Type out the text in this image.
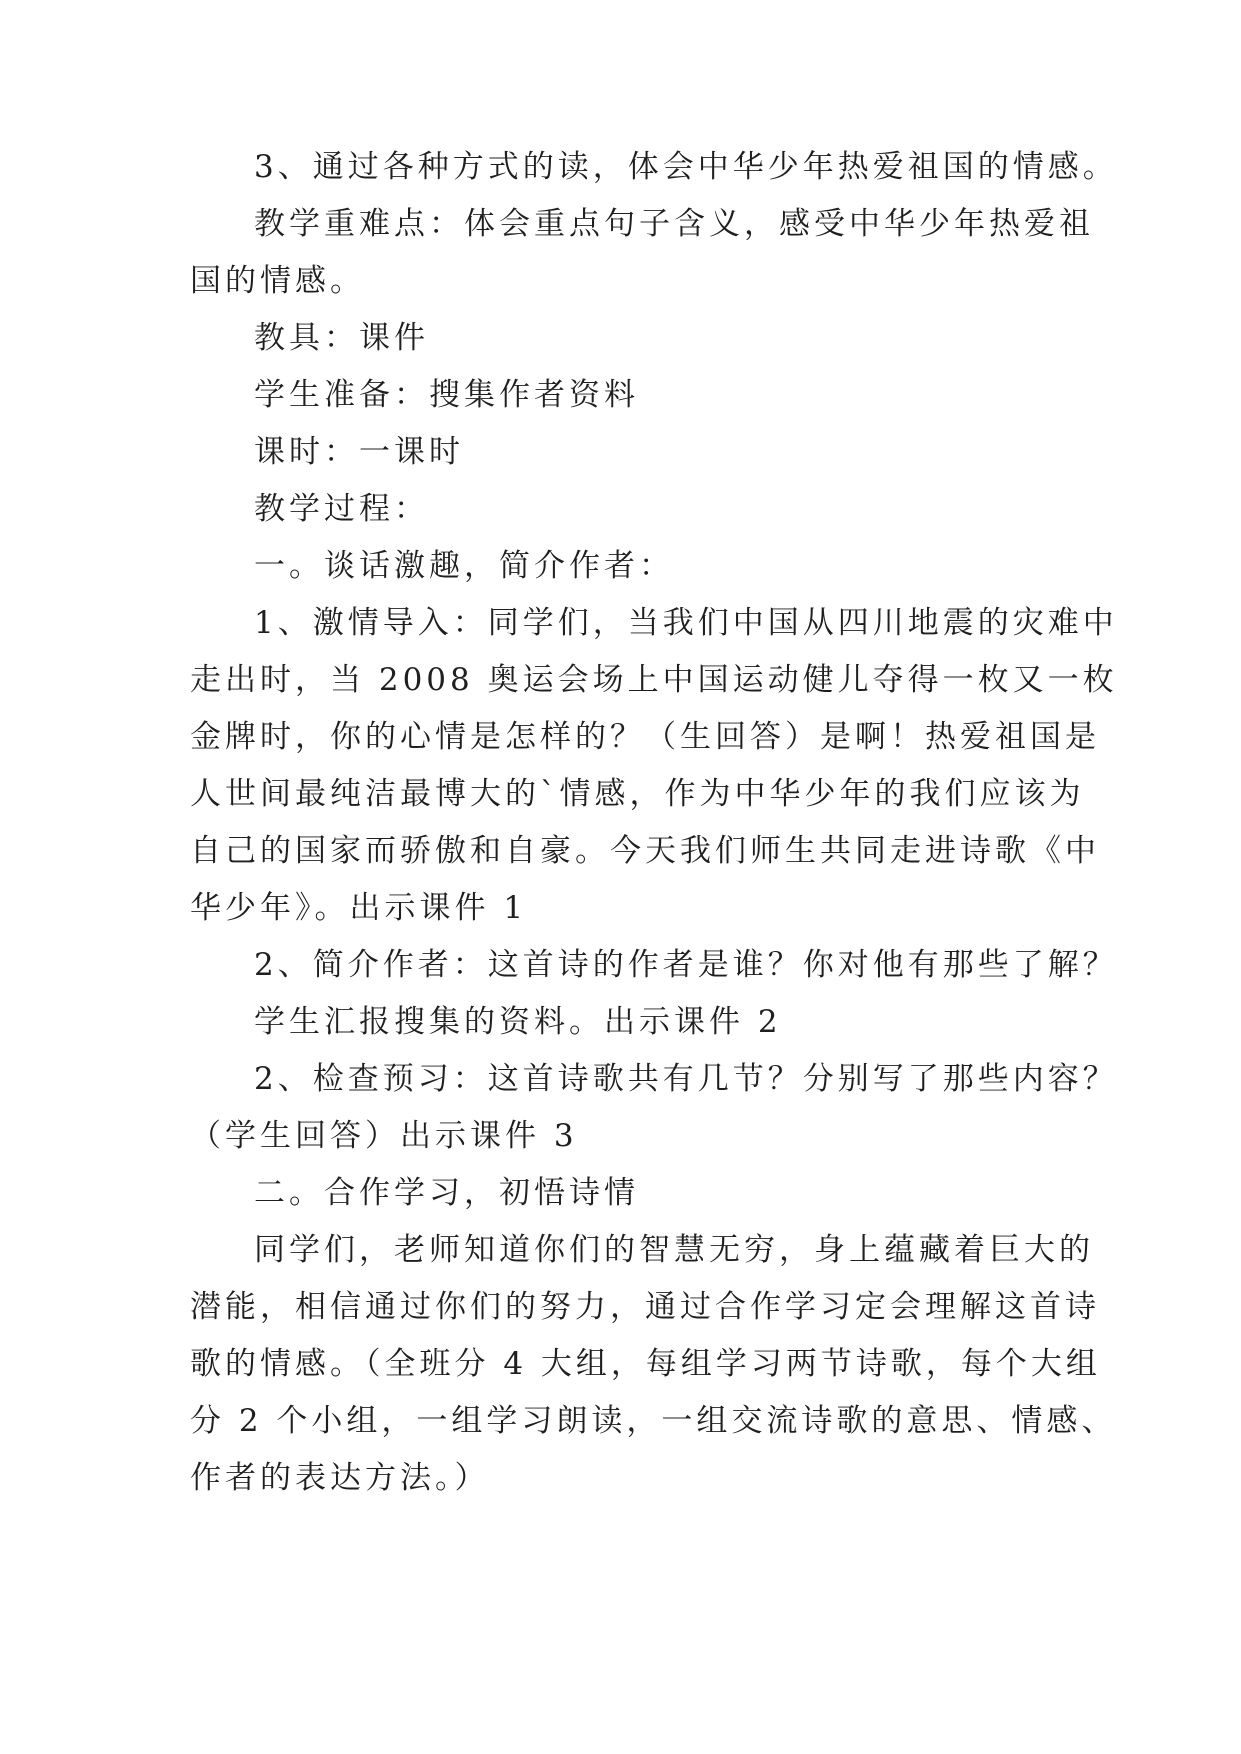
3、通过各种方式的读，体会中华少年热爱祖国的情感。
教学重难点：体会重点句子含义，感受中华少年热爱祖
国的情感。
教具：课件
学生准备：搜集作者资料
课时：一课时
教学过程：
一。谈话激趣，简介作者：
1、激情导入：同学们，当我们中国从四川地震的灾难中
走出时，当 2008 奥运会场上中国运动健儿夺得一枚又一枚
金牌时，你的心情是怎样的？（生回答）是啊！热爱祖国是
人世间最纯洁最博大的`情感，作为中华少年的我们应该为
自己的国家而骄傲和自豪。今天我们师生共同走进诗歌《中
华少年》。出示课件 1
2、简介作者：这首诗的作者是谁？你对他有那些了解？
学生汇报搜集的资料。出示课件 2
2、检查预习：这首诗歌共有几节？分别写了那些内容？
（学生回答）出示课件 3
二。合作学习，初悟诗情
同学们，老师知道你们的智慧无穷，身上蕴藏着巨大的
潜能，相信通过你们的努力，通过合作学习定会理解这首诗
歌的情感。（全班分 4 大组，每组学习两节诗歌，每个大组
分 2 个小组，一组学习朗读，一组交流诗歌的意思、情感、
作者的表达方法。）
